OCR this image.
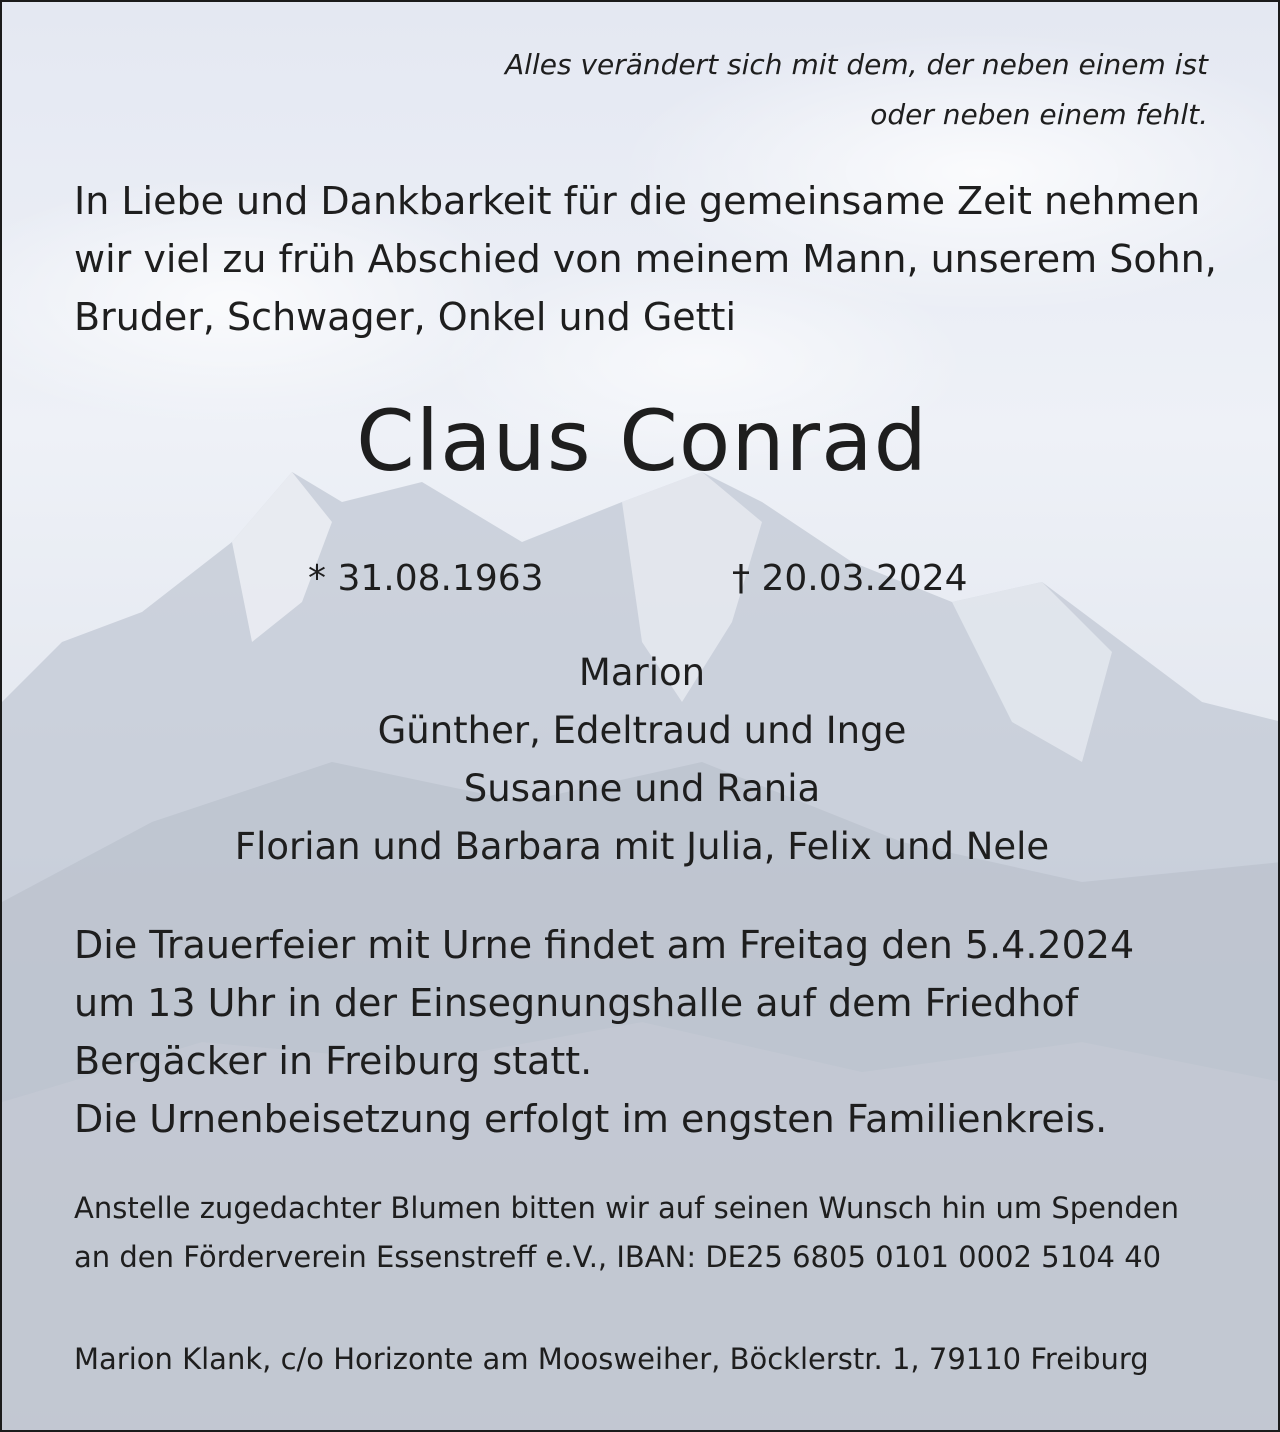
Alles verändert sich mit dem, der neben einem ist
oder neben einem fehlt.
In Liebe und Dankbarkeit für die gemeinsame Zeit nehmen
wir viel zu früh Abschied von meinem Mann, unserem Sohn,
Bruder, Schwager, Onkel und Getti
Claus Conrad
* 31.08.1963	† 20.03.2024
Marion
Günther, Edeltraud und Inge
Susanne und Rania
Florian und Barbara mit Julia, Felix und Nele
Die Trauerfeier mit Urne findet am Freitag den 5.4.2024
um 13 Uhr in der Einsegnungshalle auf dem Friedhof
Bergäcker in Freiburg statt.
Die Urnenbeisetzung erfolgt im engsten Familienkreis.
Anstelle zugedachter Blumen bitten wir auf seinen Wunsch hin um Spenden
an den Förderverein Essenstreff e.V., IBAN: DE25 6805 0101 0002 5104 40
Marion Klank, c/o Horizonte am Moosweiher, Böcklerstr. 1, 79110 Freiburg
